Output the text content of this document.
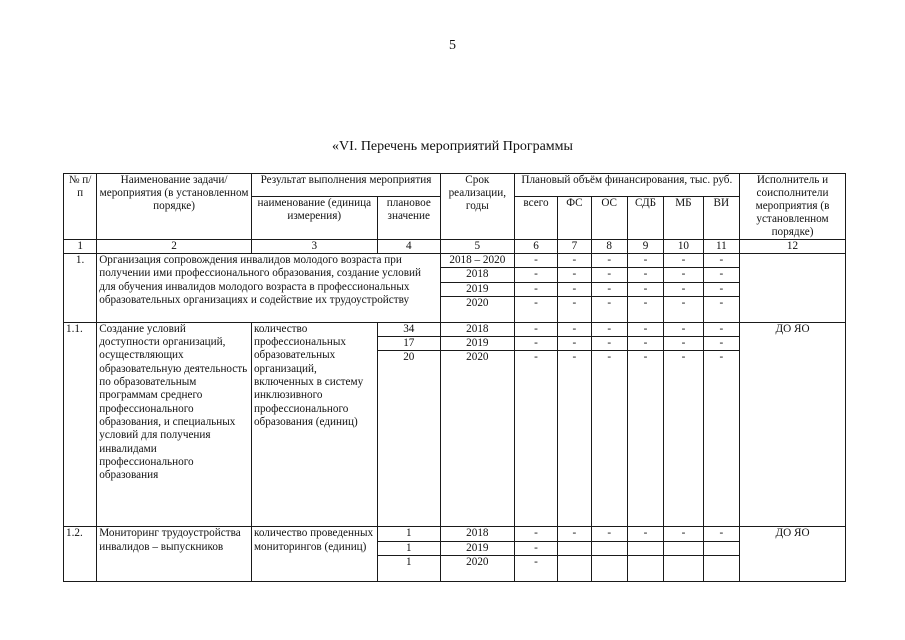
5
«VI. Перечень мероприятий Программы
№ п/п	Наименование задачи/мероприятия (в установленном порядке)	Результат выполнения мероприятия		Срок реализации, годы	Плановый объём финансирования, тыс. руб.						Исполнитель и соисполнители мероприятия (в установленном порядке)
		наименование (единица измерения)	плановое значение		всего	ФС	ОС	СДБ	МБ	ВИ	
1	2	3	4	5	6	7	8	9	10	11	12
1.	Организация сопровождения инвалидов молодого возраста при получении ими профессионального образования, создание условий для обучения инвалидов молодого возраста в профессиональных образовательных организациях и содействие их трудоустройству			2018 – 2020	-	-	-	-	-	-	
				2018	-	-	-	-	-	-	
				2019	-	-	-	-	-	-	
				2020	-	-	-	-	-	-	
1.1.	Создание условий доступности организаций, осуществляющих образовательную деятельность по образовательным программам среднего профессионального образования, и специальных условий для получения инвалидами профессионального образования	количество профессиональных образовательных организаций, включенных в систему инклюзивного профессионального образования (единиц)	34	2018	-	-	-	-	-	-	ДО ЯО
			17	2019	-	-	-	-	-	-	
			20	2020	-	-	-	-	-	-	
1.2.	Мониторинг трудоустройства инвалидов – выпускников	количество проведенных мониторингов (единиц)	1	2018	-	-	-	-	-	-	ДО ЯО
			1	2019	-						
			1	2020	-						
